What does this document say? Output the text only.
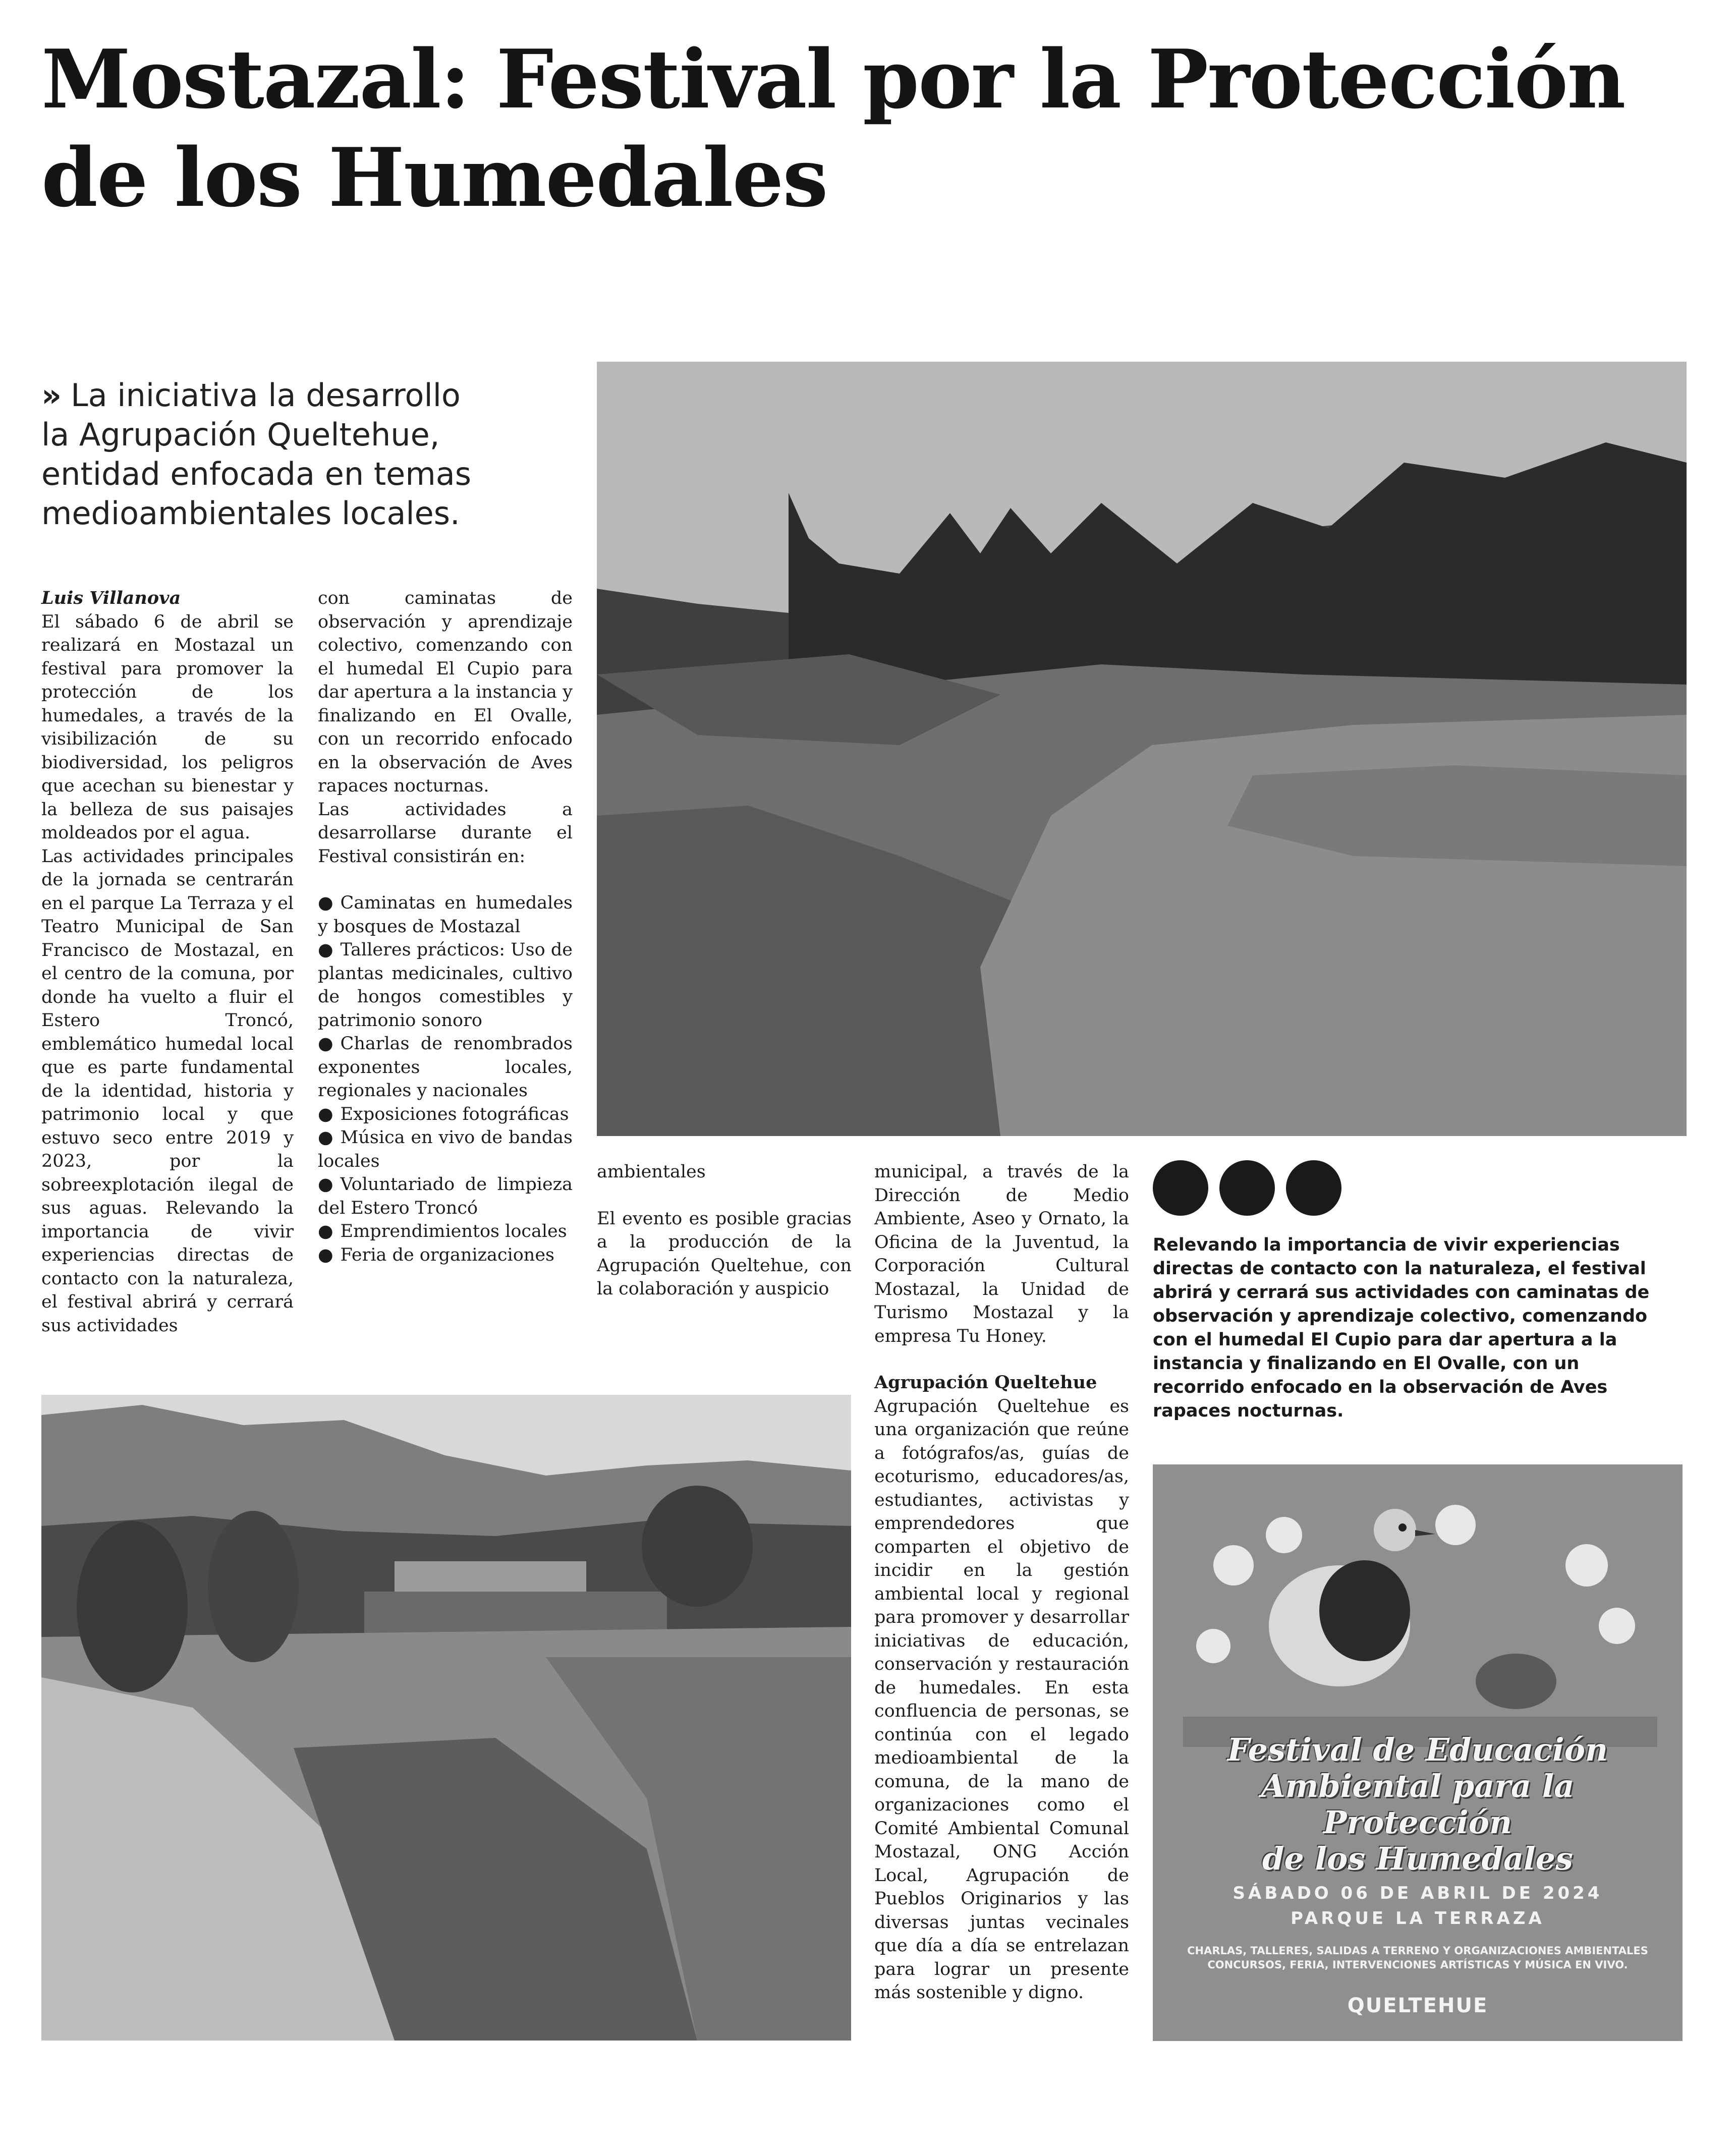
Mostazal: Festival por la Protección de los Humedales
» La iniciativa la desarrollo
la Agrupación Queltehue,
entidad enfocada en temas
medioambientales locales.

Luis Villanova

El sábado 6 de abril se realizará en Mostazal un festival para promover la protección de los humedales, a través de la visibilización de su biodiversidad, los peligros que acechan su bienestar y la belleza de sus paisajes moldeados por el agua.

Las actividades principales de la jornada se centrarán en el parque La Terraza y el Teatro Municipal de San Francisco de Mostazal, en el centro de la comuna, por donde ha vuelto a fluir el Estero Troncó, emblemático humedal local que es parte fundamental de la identidad, historia y patrimonio local y que estuvo seco entre 2019 y 2023, por la sobreexplotación ilegal de sus aguas. Relevando la importancia de vivir experiencias directas de contacto con la naturaleza, el festival abrirá y cerrará sus actividades

con caminatas de observación y aprendizaje colectivo, comenzando con el humedal El Cupio para dar apertura a la instancia y finalizando en El Ovalle, con un recorrido enfocado en la observación de Aves rapaces nocturnas.

Las actividades a desarrollarse durante el Festival consistirán en:

● Caminatas en humedales y bosques de Mostazal
● Talleres prácticos: Uso de plantas medicinales, cultivo de hongos comestibles y patrimonio sonoro
● Charlas de renombrados exponentes locales, regionales y nacionales
● Exposiciones fotográficas
● Música en vivo de bandas locales
● Voluntariado de limpieza del Estero Troncó
● Emprendimientos locales
● Feria de organizaciones

ambientales

El evento es posible gracias a la producción de la Agrupación Queltehue, con la colaboración y auspicio

municipal, a través de la Dirección de Medio Ambiente, Aseo y Ornato, la Oficina de la Juventud, la Corporación Cultural Mostazal, la Unidad de Turismo Mostazal y la empresa Tu Honey.

Agrupación Queltehue

Agrupación Queltehue es una organización que reúne a fotógrafos/as, guías de ecoturismo, educadores/as, estudiantes, activistas y emprendedores que comparten el objetivo de incidir en la gestión ambiental local y regional para promover y desarrollar iniciativas de educación, conservación y restauración de humedales. En esta confluencia de personas, se continúa con el legado medioambiental de la comuna, de la mano de organizaciones como el Comité Ambiental Comunal Mostazal, ONG Acción Local, Agrupación de Pueblos Originarios y las diversas juntas vecinales que día a día se entrelazan para lograr un presente más sostenible y digno.

Relevando la importancia de vivir experiencias directas de contacto con la naturaleza, el festival abrirá y cerrará sus actividades con caminatas de observación y aprendizaje colectivo, comenzando con el humedal El Cupio para dar apertura a la instancia y finalizando en El Ovalle, con un recorrido enfocado en la observación de Aves rapaces nocturnas.
Festival de Educación
Ambiental para la Protección
de los Humedales
SÁBADO 06 DE ABRIL DE 2024
PARQUE LA TERRAZA
CHARLAS, TALLERES, SALIDAS A TERRENO Y ORGANIZACIONES AMBIENTALES
CONCURSOS, FERIA, INTERVENCIONES ARTÍSTICAS Y MÚSICA EN VIVO.
QUELTEHUE
